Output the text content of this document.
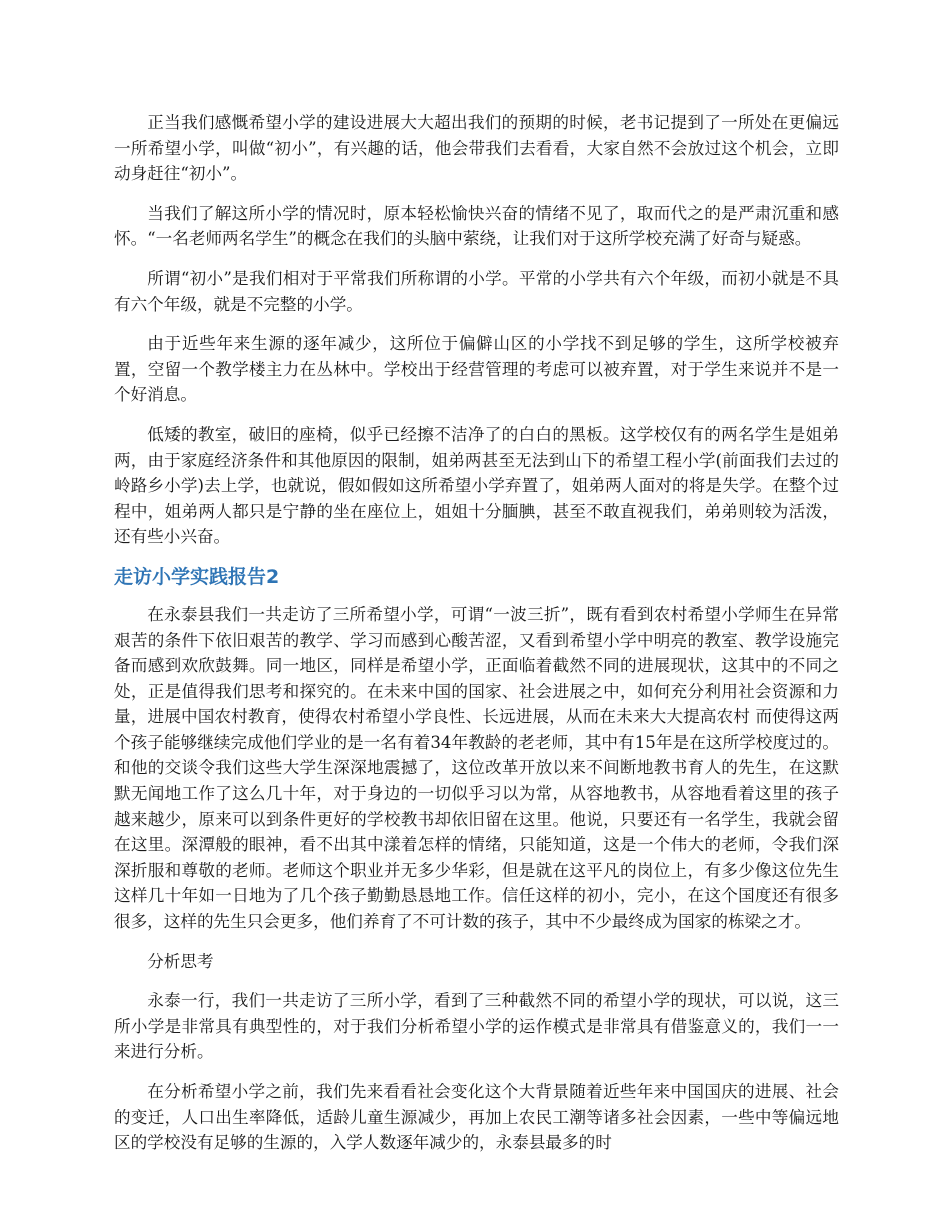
正当我们感慨希望小学的建设进展大大超出我们的预期的时候，老书记提到了一所处在更偏远一所希望小学，叫做“初小”，有兴趣的话，他会带我们去看看，大家自然不会放过这个机会，立即动身赶往“初小”。

当我们了解这所小学的情况时，原本轻松愉快兴奋的情绪不见了，取而代之的是严肃沉重和感怀。“一名老师两名学生”的概念在我们的头脑中萦绕，让我们对于这所学校充满了好奇与疑惑。

所谓“初小”是我们相对于平常我们所称谓的小学。平常的小学共有六个年级，而初小就是不具有六个年级，就是不完整的小学。

由于近些年来生源的逐年减少，这所位于偏僻山区的小学找不到足够的学生，这所学校被弃置，空留一个教学楼主力在丛林中。学校出于经营管理的考虑可以被弃置，对于学生来说并不是一个好消息。

低矮的教室，破旧的座椅，似乎已经擦不洁净了的白白的黑板。这学校仅有的两名学生是姐弟两，由于家庭经济条件和其他原因的限制，姐弟两甚至无法到山下的希望工程小学(前面我们去过的岭路乡小学)去上学，也就说，假如假如这所希望小学弃置了，姐弟两人面对的将是失学。在整个过程中，姐弟两人都只是宁静的坐在座位上，姐姐十分腼腆，甚至不敢直视我们，弟弟则较为活泼，还有些小兴奋。

走访小学实践报告2

在永泰县我们一共走访了三所希望小学，可谓“一波三折”，既有看到农村希望小学师生在异常艰苦的条件下依旧艰苦的教学、学习而感到心酸苦涩，又看到希望小学中明亮的教室、教学设施完备而感到欢欣鼓舞。同一地区，同样是希望小学，正面临着截然不同的进展现状，这其中的不同之处，正是值得我们思考和探究的。在未来中国的国家、社会进展之中，如何充分利用社会资源和力量，进展中国农村教育，使得农村希望小学良性、长远进展，从而在未来大大提高农村 而使得这两个孩子能够继续完成他们学业的是一名有着34年教龄的老老师，其中有15年是在这所学校度过的。和他的交谈令我们这些大学生深深地震撼了，这位改革开放以来不间断地教书育人的先生，在这默默无闻地工作了这么几十年，对于身边的一切似乎习以为常，从容地教书，从容地看着这里的孩子越来越少，原来可以到条件更好的学校教书却依旧留在这里。他说，只要还有一名学生，我就会留在这里。深潭般的眼神，看不出其中漾着怎样的情绪，只能知道，这是一个伟大的老师，令我们深深折服和尊敬的老师。老师这个职业并无多少华彩，但是就在这平凡的岗位上，有多少像这位先生这样几十年如一日地为了几个孩子勤勤恳恳地工作。信任这样的初小，完小，在这个国度还有很多很多，这样的先生只会更多，他们养育了不可计数的孩子，其中不少最终成为国家的栋梁之才。

分析思考

永泰一行，我们一共走访了三所小学，看到了三种截然不同的希望小学的现状，可以说，这三所小学是非常具有典型性的，对于我们分析希望小学的运作模式是非常具有借鉴意义的，我们一一来进行分析。

在分析希望小学之前，我们先来看看社会变化这个大背景随着近些年来中国国庆的进展、社会的变迁，人口出生率降低，适龄儿童生源减少，再加上农民工潮等诸多社会因素，一些中等偏远地区的学校没有足够的生源的，入学人数逐年减少的，永泰县最多的时
